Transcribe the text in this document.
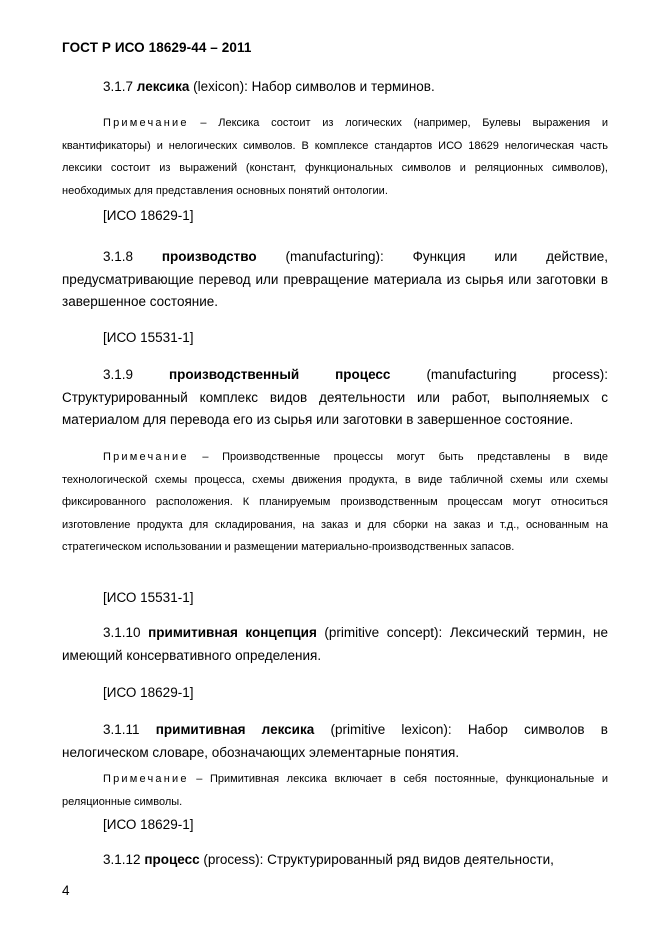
ГОСТ Р ИСО 18629-44 – 2011
3.1.7 лексика (lexicon): Набор символов и терминов.
Примечание – Лексика состоит из логических (например, Булевы выражения и квантификаторы) и нелогических символов. В комплексе стандартов ИСО 18629 нелогическая часть лексики состоит из выражений (констант, функциональных символов и реляционных символов), необходимых для представления основных понятий онтологии.
[ИСО 18629-1]
3.1.8 производство (manufacturing): Функция или действие, предусматривающие перевод или превращение материала из сырья или заготовки в завершенное состояние.
[ИСО 15531-1]
3.1.9	производственный процесс	(manufacturing process): Структурированный комплекс видов деятельности или работ, выполняемых с материалом для перевода его из сырья или заготовки в завершенное состояние.
Примечание – Производственные процессы могут быть представлены в виде технологической схемы процесса, схемы движения продукта, в виде табличной схемы или схемы фиксированного расположения. К планируемым производственным процессам могут относиться изготовление продукта для складирования, на заказ и для сборки на заказ и т.д., основанным на стратегическом использовании и размещении материально-производственных запасов.
[ИСО 15531-1]
3.1.10 примитивная концепция (primitive concept): Лексический термин, не имеющий консервативного определения.
[ИСО 18629-1]
3.1.11 примитивная лексика (primitive lexicon): Набор символов в нелогическом словаре, обозначающих элементарные понятия.
Примечание – Примитивная лексика включает в себя постоянные, функциональные и реляционные символы.
[ИСО 18629-1]
3.1.12 процесс (process): Структурированный ряд видов деятельности,
4
